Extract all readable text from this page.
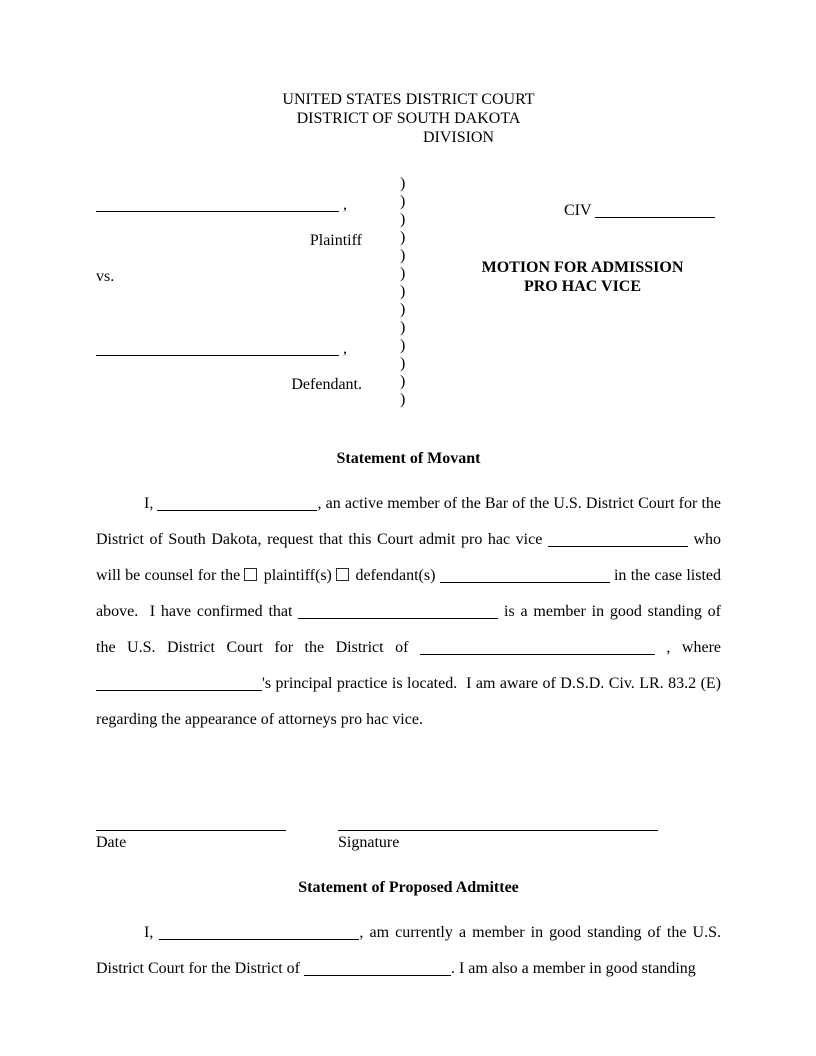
UNITED STATES DISTRICT COURT
DISTRICT OF SOUTH DAKOTA
DIVISION
,
Plaintiff
vs.
,
Defendant.
)
)
)
)
)
)
)
)
)
)
)
)
)
CIV
MOTION FOR ADMISSION
PRO HAC VICE
Statement of Movant

I,	, an active member of the Bar of the U.S. District Court for the District of South Dakota, request that this Court admit pro hac vice	who will be counsel for the plaintiff(s) defendant(s)	in the case listed above.  I have confirmed that	is a member in good standing of the U.S. District Court for the District of	, where 's principal practice is located.  I am aware of D.S.D. Civ. LR. 83.2 (E) regarding the appearance of attorneys pro hac vice.

Date	Signature
Statement of Proposed Admittee

I,	, am currently a member in good standing of the U.S. District Court for the District of	. I am also a member in good standing
